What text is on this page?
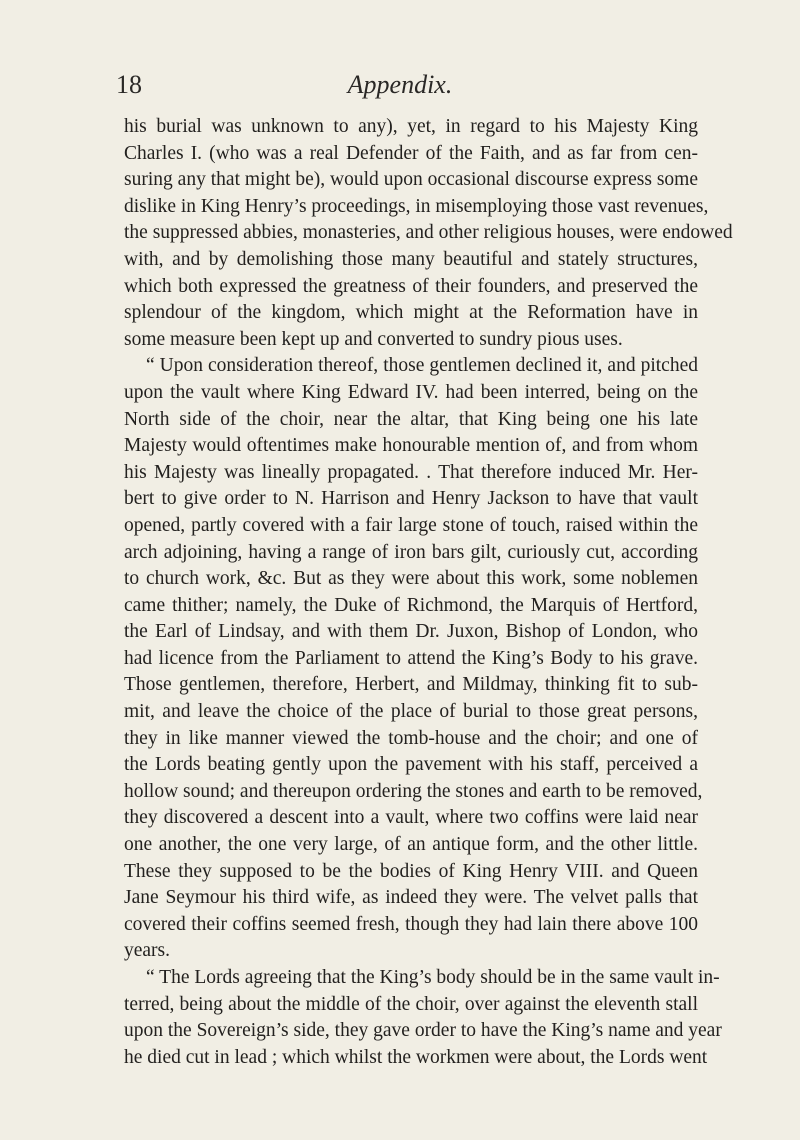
18	Appendix.
his burial was unknown to any), yet, in regard to his Majesty King
Charles I. (who was a real Defender of the Faith, and as far from cen-
suring any that might be), would upon occasional discourse express some
dislike in King Henry’s proceedings, in misemploying those vast revenues,
the suppressed abbies, monasteries, and other religious houses, were endowed
with, and by demolishing those many beautiful and stately structures,
which both expressed the greatness of their founders, and preserved the
splendour of the kingdom, which might at the Reformation have in
some measure been kept up and converted to sundry pious uses.
“ Upon consideration thereof, those gentlemen declined it, and pitched
upon the vault where King Edward IV. had been interred, being on the
North side of the choir, near the altar, that King being one his late
Majesty would oftentimes make honourable mention of, and from whom
his Majesty was lineally propagated. . That therefore induced Mr. Her-
bert to give order to N. Harrison and Henry Jackson to have that vault
opened, partly covered with a fair large stone of touch, raised within the
arch adjoining, having a range of iron bars gilt, curiously cut, according
to church work, &c. But as they were about this work, some noblemen
came thither; namely, the Duke of Richmond, the Marquis of Hertford,
the Earl of Lindsay, and with them Dr. Juxon, Bishop of London, who
had licence from the Parliament to attend the King’s Body to his grave.
Those gentlemen, therefore, Herbert, and Mildmay, thinking fit to sub-
mit, and leave the choice of the place of burial to those great persons,
they in like manner viewed the tomb-house and the choir; and one of
the Lords beating gently upon the pavement with his staff, perceived a
hollow sound; and thereupon ordering the stones and earth to be removed,
they discovered a descent into a vault, where two coffins were laid near
one another, the one very large, of an antique form, and the other little.
These they supposed to be the bodies of King Henry VIII. and Queen
Jane Seymour his third wife, as indeed they were. The velvet palls that
covered their coffins seemed fresh, though they had lain there above 100
years.
“ The Lords agreeing that the King’s body should be in the same vault in-
terred, being about the middle of the choir, over against the eleventh stall
upon the Sovereign’s side, they gave order to have the King’s name and year
he died cut in lead ; which whilst the workmen were about, the Lords went
